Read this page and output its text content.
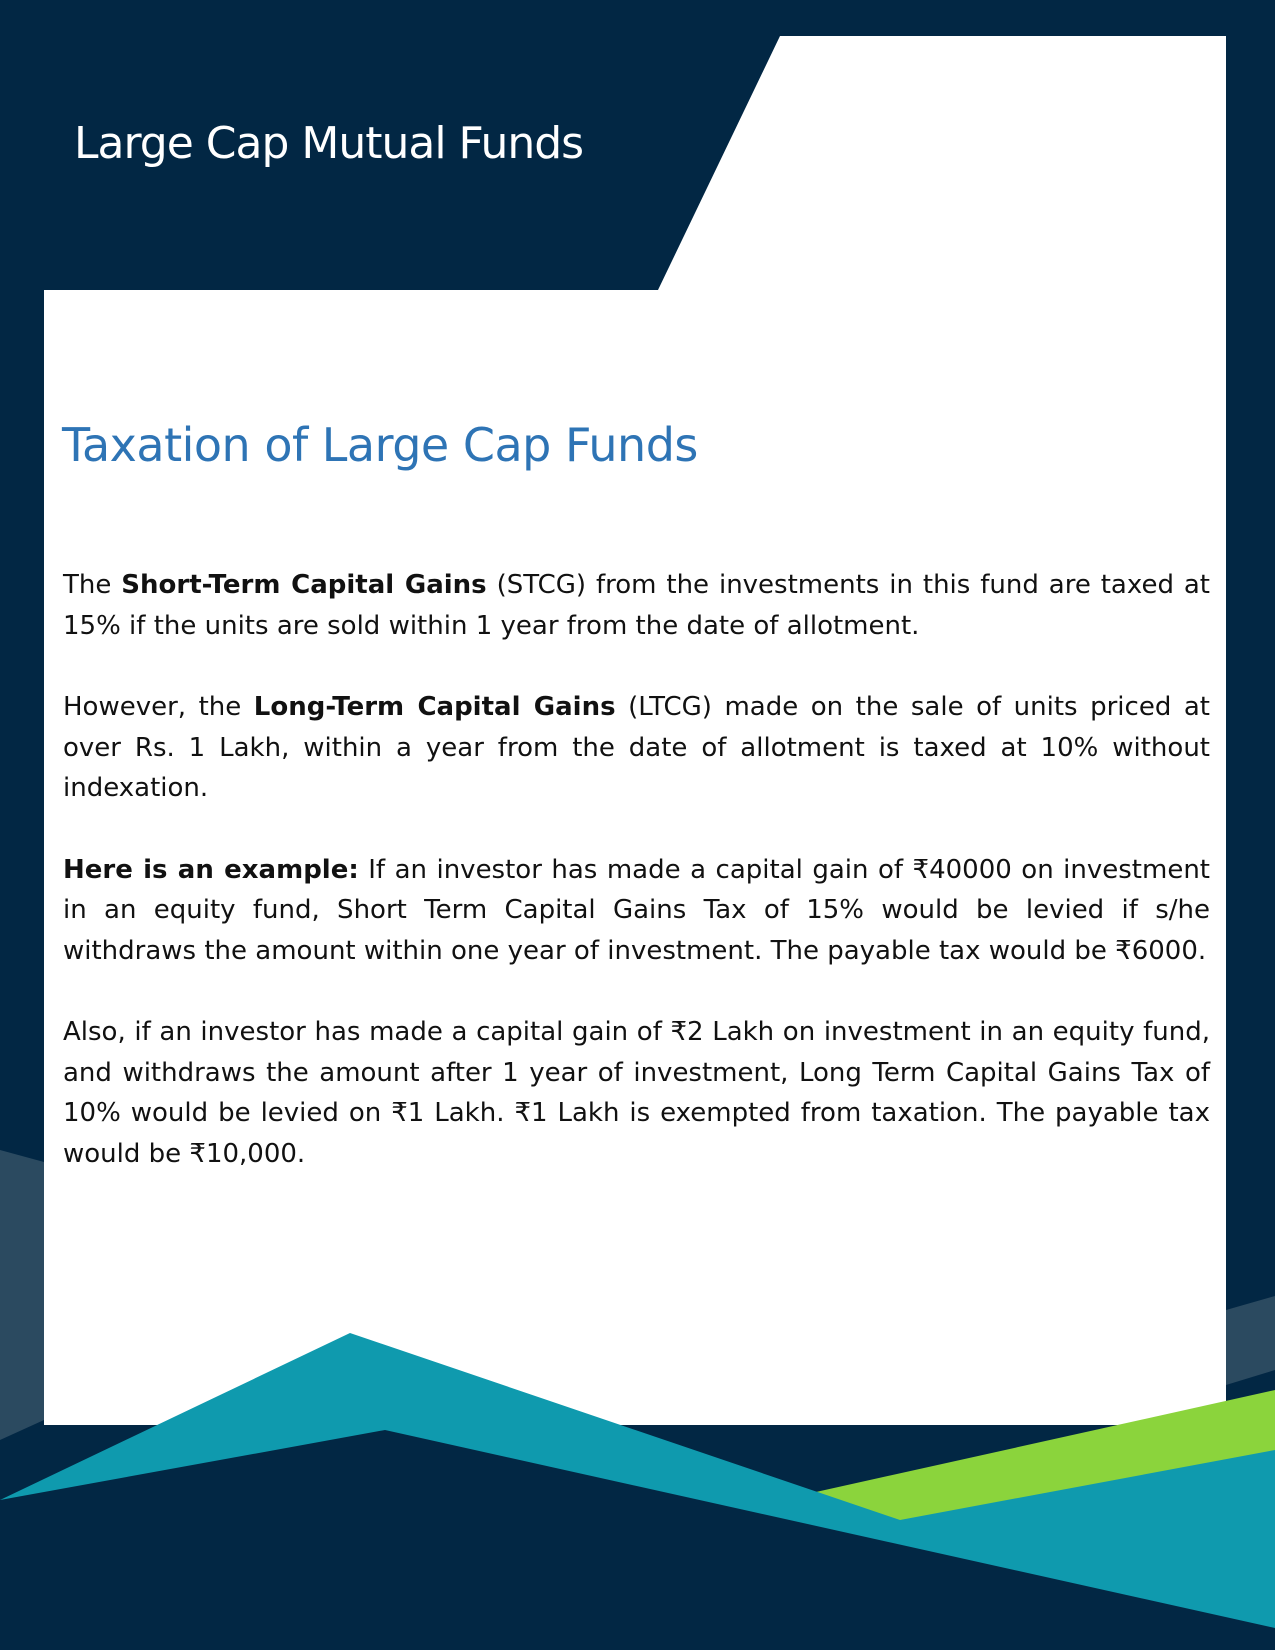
Large Cap Mutual Funds
Taxation of Large Cap Funds

The Short-Term Capital Gains (STCG) from the investments in this fund are taxed at 15% if the units are sold within 1 year from the date of allotment.

However, the Long-Term Capital Gains (LTCG) made on the sale of units priced at over Rs. 1 Lakh, within a year from the date of allotment is taxed at 10% without indexation.

Here is an example: If an investor has made a capital gain of ₹40000 on investment in an equity fund, Short Term Capital Gains Tax of 15% would be levied if s/he withdraws the amount within one year of investment. The payable tax would be ₹6000.

Also, if an investor has made a capital gain of ₹2 Lakh on investment in an equity fund, and withdraws the amount after 1 year of investment, Long Term Capital Gains Tax of 10% would be levied on ₹1 Lakh. ₹1 Lakh is exempted from taxation. The payable tax would be ₹10,000.
